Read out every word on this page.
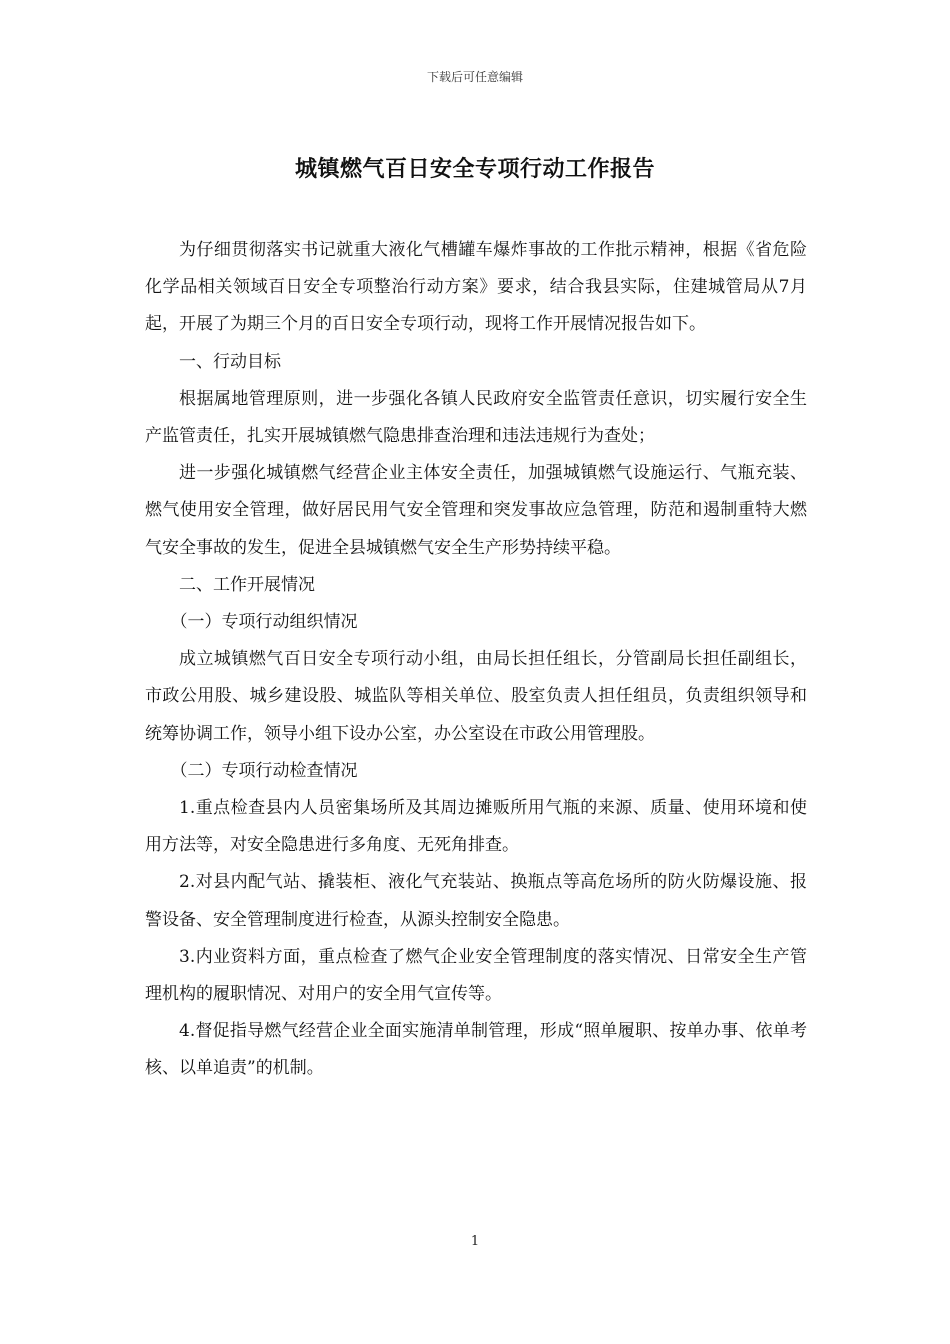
下载后可任意编辑
城镇燃气百日安全专项行动工作报告

为仔细贯彻落实书记就重大液化气槽罐车爆炸事故的工作批示精神，根据《省危险化学品相关领域百日安全专项整治行动方案》要求，结合我县实际，住建城管局从7月起，开展了为期三个月的百日安全专项行动，现将工作开展情况报告如下。

一、行动目标

根据属地管理原则，进一步强化各镇人民政府安全监管责任意识，切实履行安全生产监管责任，扎实开展城镇燃气隐患排查治理和违法违规行为查处；

进一步强化城镇燃气经营企业主体安全责任，加强城镇燃气设施运行、气瓶充装、燃气使用安全管理，做好居民用气安全管理和突发事故应急管理，防范和遏制重特大燃气安全事故的发生，促进全县城镇燃气安全生产形势持续平稳。

二、工作开展情况

（一）专项行动组织情况

成立城镇燃气百日安全专项行动小组，由局长担任组长，分管副局长担任副组长，市政公用股、城乡建设股、城监队等相关单位、股室负责人担任组员，负责组织领导和统筹协调工作，领导小组下设办公室，办公室设在市政公用管理股。

（二）专项行动检查情况

1.重点检查县内人员密集场所及其周边摊贩所用气瓶的来源、质量、使用环境和使用方法等，对安全隐患进行多角度、无死角排查。

2.对县内配气站、撬装柜、液化气充装站、换瓶点等高危场所的防火防爆设施、报警设备、安全管理制度进行检查，从源头控制安全隐患。

3.内业资料方面，重点检查了燃气企业安全管理制度的落实情况、日常安全生产管理机构的履职情况、对用户的安全用气宣传等。

4.督促指导燃气经营企业全面实施清单制管理，形成“照单履职、按单办事、依单考核、以单追责”的机制。

1
